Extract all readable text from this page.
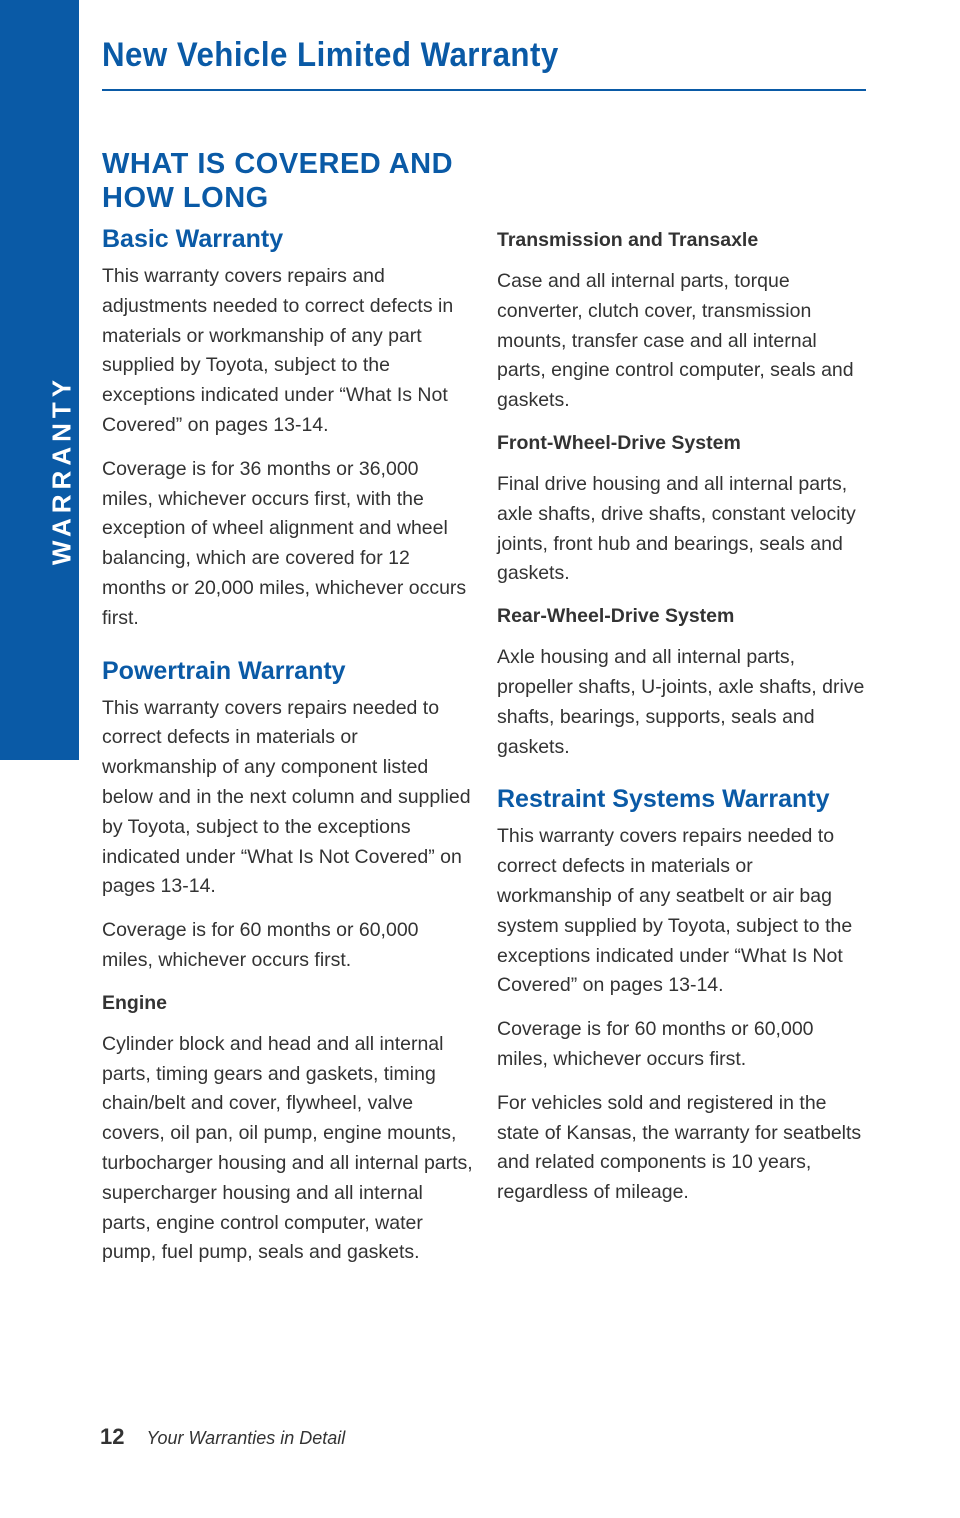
WARRANTY
New Vehicle Limited Warranty
WHAT IS COVERED AND HOW LONG
Basic Warranty

This warranty covers repairs and adjustments needed to correct defects in materials or workmanship of any part supplied by Toyota, subject to the exceptions indicated under “What Is Not Covered” on pages 13-14.

Coverage is for 36 months or 36,000 miles, whichever occurs first, with the exception of wheel alignment and wheel balancing, which are covered for 12 months or 20,000 miles, whichever occurs first.

Powertrain Warranty

This warranty covers repairs needed to correct defects in materials or workmanship of any component listed below and in the next column and supplied by Toyota, subject to the exceptions indicated under “What Is Not Covered” on pages 13-14.

Coverage is for 60 months or 60,000 miles, whichever occurs first.

Engine

Cylinder block and head and all internal parts, timing gears and gaskets, timing chain/belt and cover, flywheel, valve covers, oil pan, oil pump, engine mounts, turbocharger housing and all internal parts, supercharger housing and all internal parts, engine control computer, water pump, fuel pump, seals and gaskets.

Transmission and Transaxle

Case and all internal parts, torque converter, clutch cover, transmission mounts, transfer case and all internal parts, engine control computer, seals and gaskets.

Front-Wheel-Drive System

Final drive housing and all internal parts, axle shafts, drive shafts, constant velocity joints, front hub and bearings, seals and gaskets.

Rear-Wheel-Drive System

Axle housing and all internal parts, propeller shafts, U-joints, axle shafts, drive shafts, bearings, supports, seals and gaskets.

Restraint Systems Warranty

This warranty covers repairs needed to correct defects in materials or workmanship of any seatbelt or air bag system supplied by Toyota, subject to the exceptions indicated under “What Is Not Covered” on pages 13-14.

Coverage is for 60 months or 60,000 miles, whichever occurs first.

For vehicles sold and registered in the state of Kansas, the warranty for seatbelts and related components is 10 years, regardless of mileage.

12 Your Warranties in Detail
